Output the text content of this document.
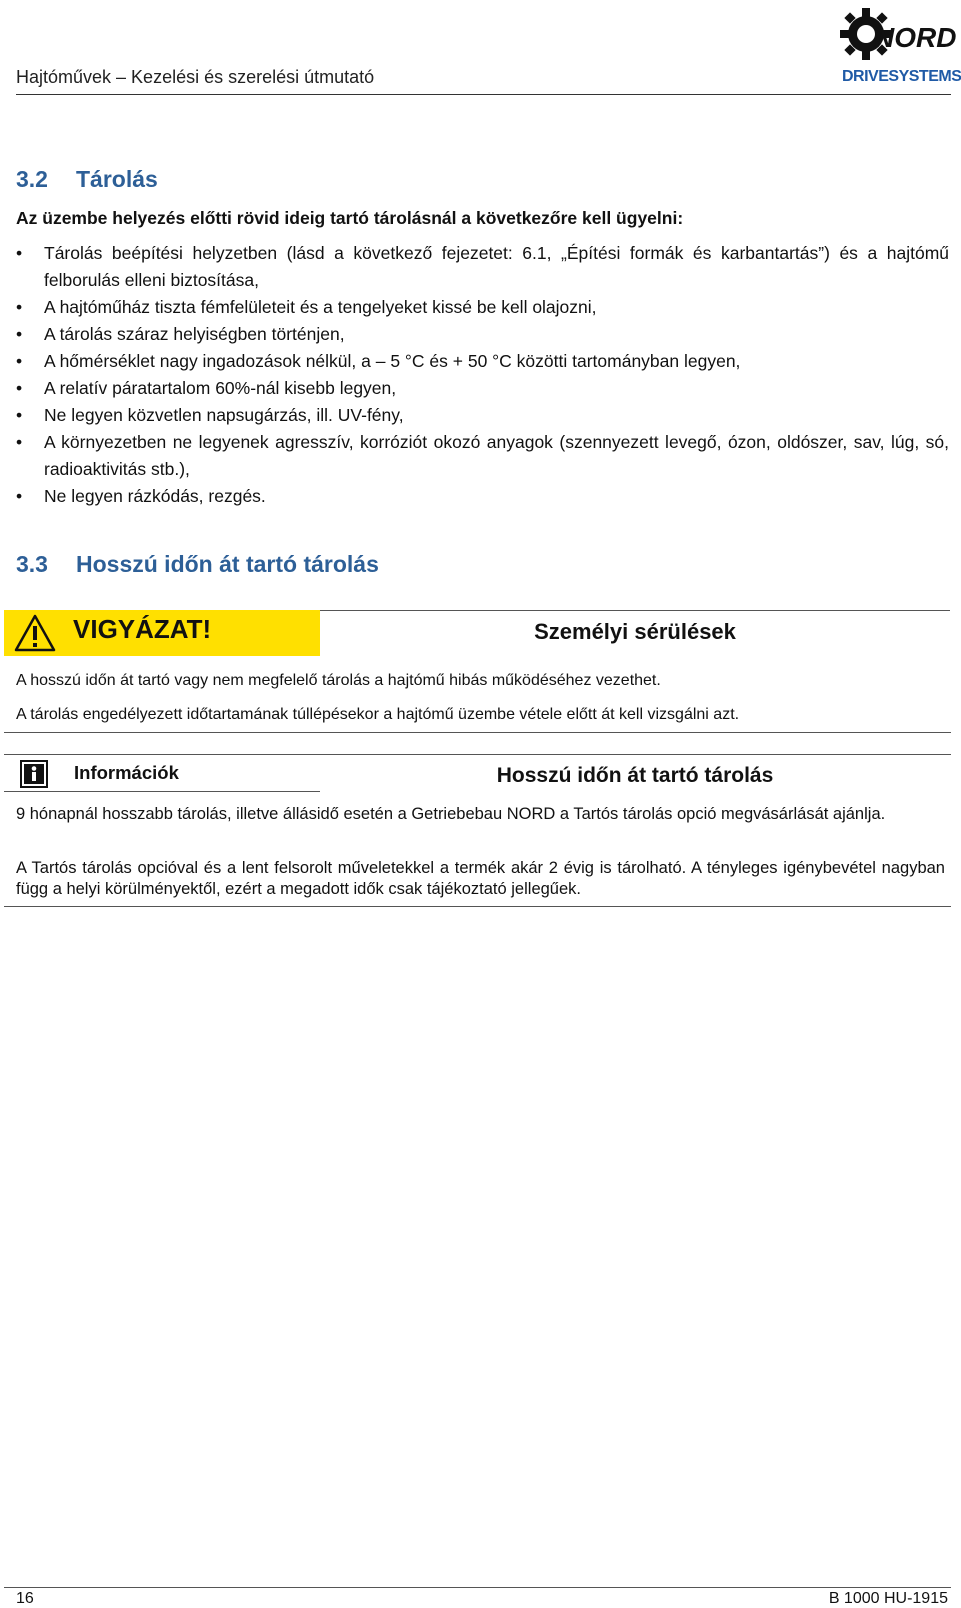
Hajtóművek – Kezelési és szerelési útmutató
NORD
DRIVESYSTEMS
3.2 Tárolás
Az üzembe helyezés előtti rövid ideig tartó tárolásnál a következőre kell ügyelni:
• Tárolás beépítési helyzetben (lásd a következő fejezetet: 6.1, „Építési formák és karbantartás”) és a hajtómű felborulás elleni biztosítása,
• A hajtóműház tiszta fémfelületeit és a tengelyeket kissé be kell olajozni,
• A tárolás száraz helyiségben történjen,
• A hőmérséklet nagy ingadozások nélkül, a – 5 °C és + 50 °C közötti tartományban legyen,
• A relatív páratartalom 60%-nál kisebb legyen,
• Ne legyen közvetlen napsugárzás, ill. UV-fény,
• A környezetben ne legyenek agresszív, korróziót okozó anyagok (szennyezett levegő, ózon, oldószer, sav, lúg, só, radioaktivitás stb.),
• Ne legyen rázkódás, rezgés.
3.3 Hosszú időn át tartó tárolás
VIGYÁZAT!	Személyi sérülések
A hosszú időn át tartó vagy nem megfelelő tárolás a hajtómű hibás működéséhez vezethet.
A tárolás engedélyezett időtartamának túllépésekor a hajtómű üzembe vétele előtt át kell vizsgálni azt.
Információk	Hosszú időn át tartó tárolás
9 hónapnál hosszabb tárolás, illetve állásidő esetén a Getriebebau NORD a Tartós tárolás opció megvásárlását ajánlja.
A Tartós tárolás opcióval és a lent felsorolt műveletekkel a termék akár 2 évig is tárolható. A tényleges igénybevétel nagyban függ a helyi körülményektől, ezért a megadott idők csak tájékoztató jellegűek.
16	B 1000 HU-1915
